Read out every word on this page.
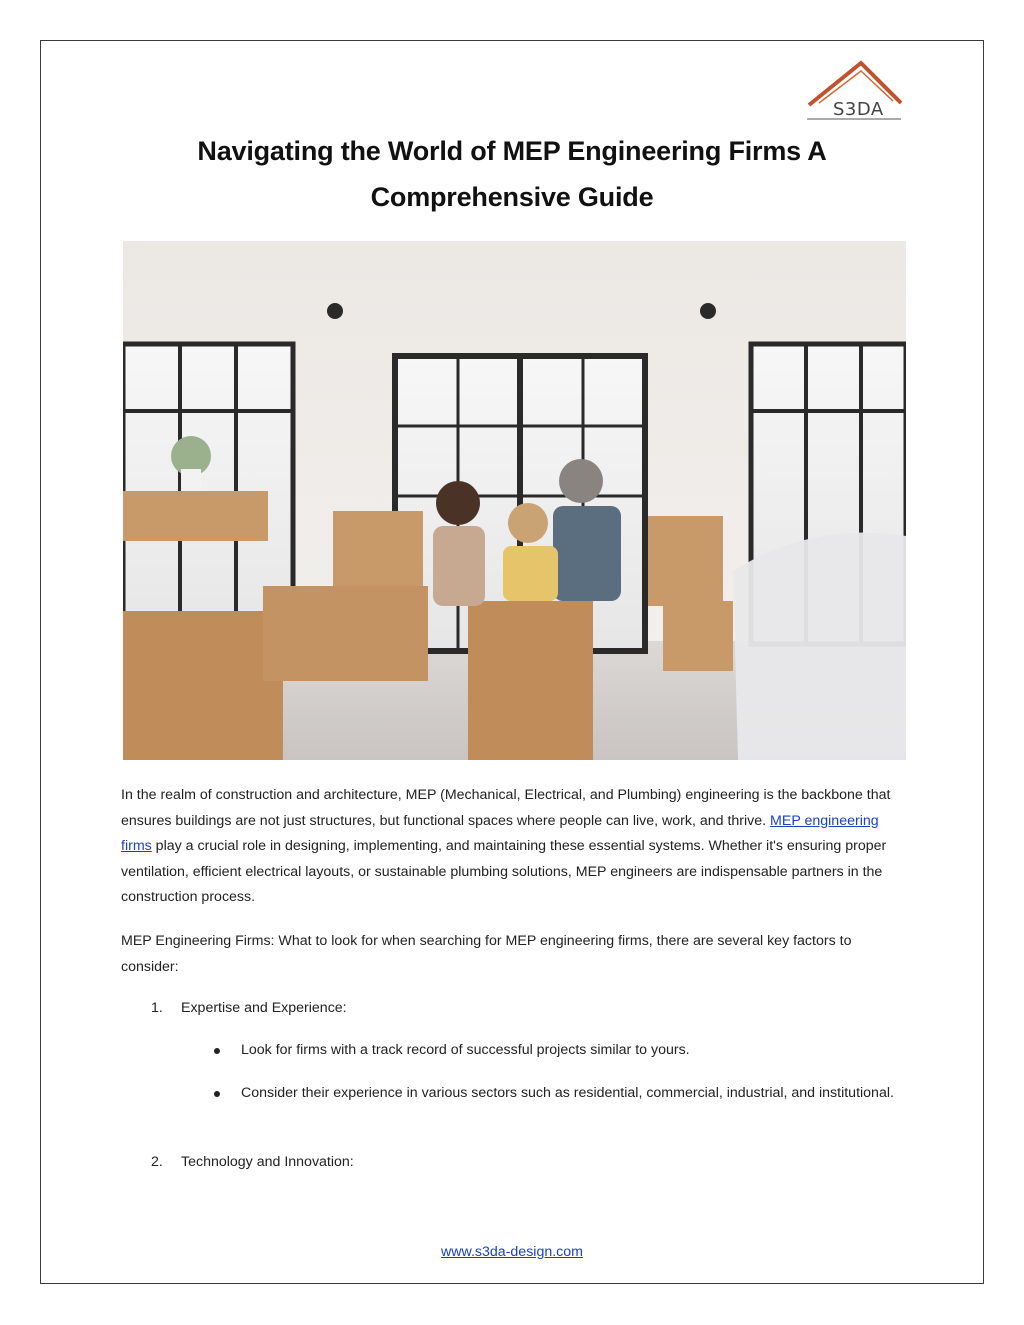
S3DA
Navigating the World of MEP Engineering Firms A Comprehensive Guide

In the realm of construction and architecture, MEP (Mechanical, Electrical, and Plumbing) engineering is the backbone that ensures buildings are not just structures, but functional spaces where people can live, work, and thrive. MEP engineering firms play a crucial role in designing, implementing, and maintaining these essential systems. Whether it's ensuring proper ventilation, efficient electrical layouts, or sustainable plumbing solutions, MEP engineers are indispensable partners in the construction process.

MEP Engineering Firms: What to look for when searching for MEP engineering firms, there are several key factors to consider:

1. Expertise and Experience:
Look for firms with a track record of successful projects similar to yours.
Consider their experience in various sectors such as residential, commercial, industrial, and institutional.
2. Technology and Innovation:
www.s3da-design.com
